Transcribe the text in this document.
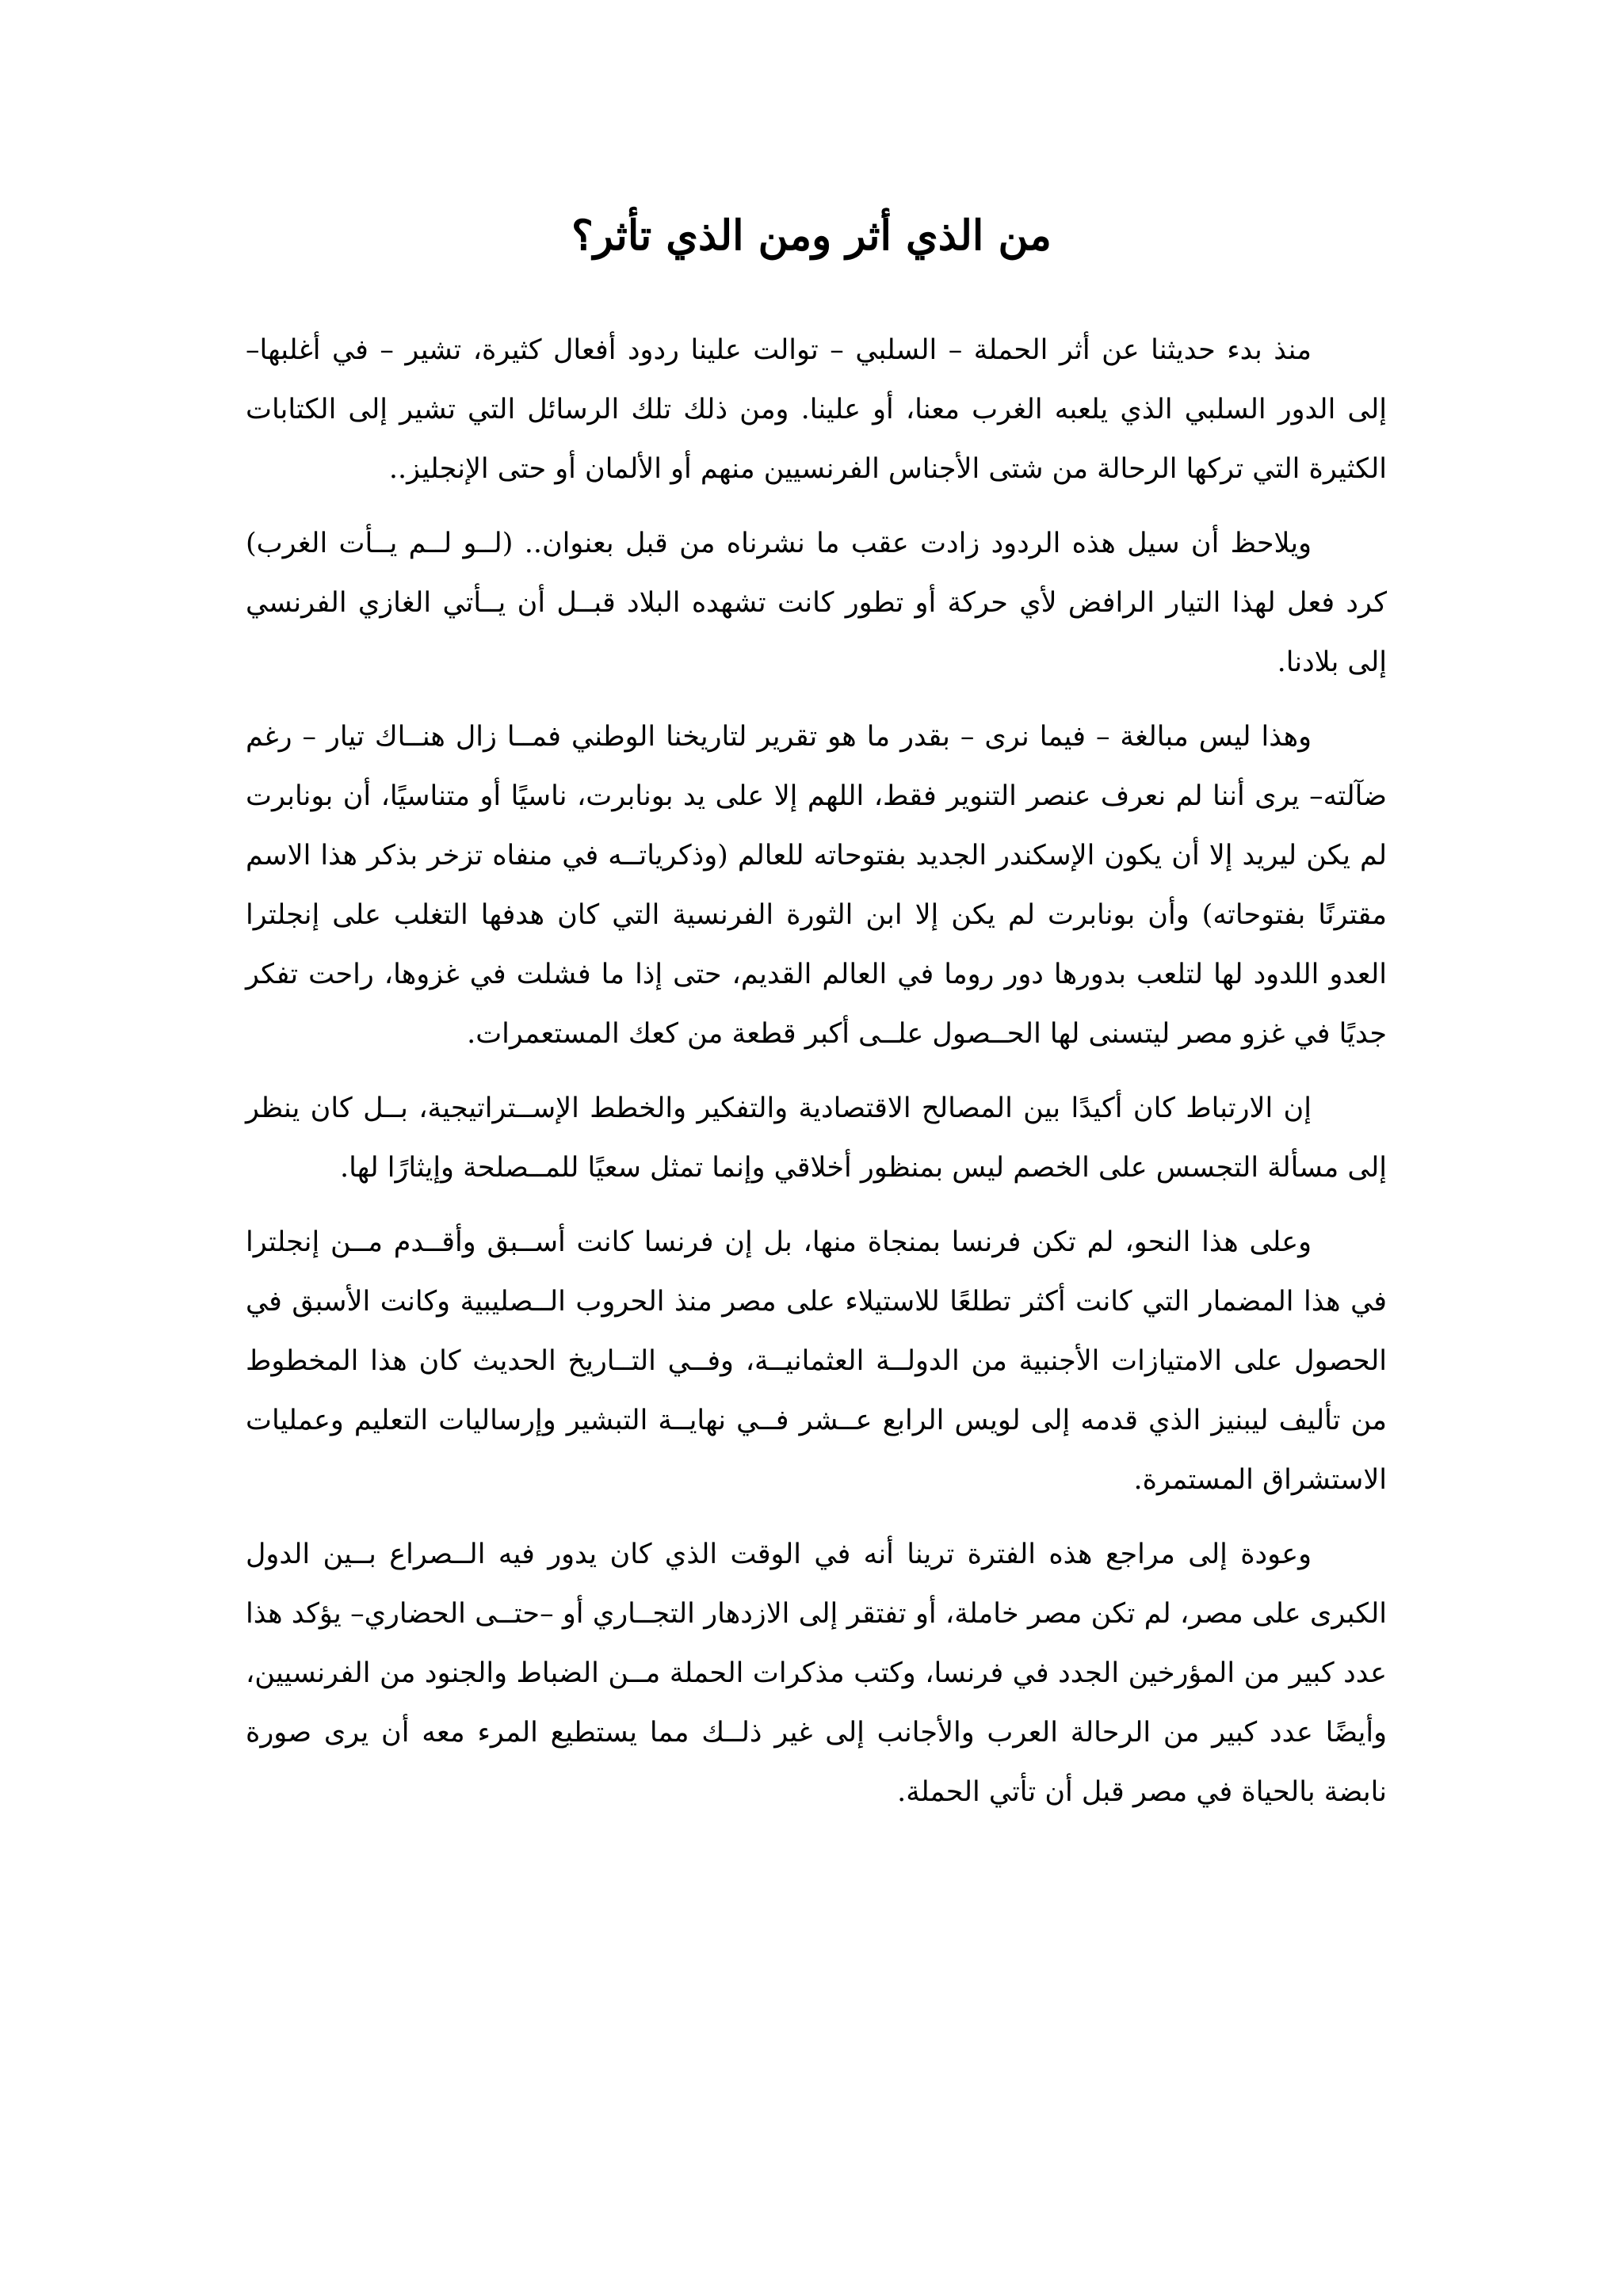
من الذي أثر ومن الذي تأثر؟

منذ بدء حديثنا عن أثر الحملة – السلبي – توالت علينا ردود أفعال كثيرة، تشير – في أغلبها– إلى الدور السلبي الذي يلعبه الغرب معنا، أو علينا. ومن ذلك تلك الرسائل التي تشير إلى الكتابات الكثيرة التي تركها الرحالة من شتى الأجناس الفرنسيين منهم أو الألمان أو حتى الإنجليز..

ويلاحظ أن سيل هذه الردود زادت عقب ما نشرناه من قبل بعنوان.. (لــو لــم يــأت الغرب) كرد فعل لهذا التيار الرافض لأي حركة أو تطور كانت تشهده البلاد قبــل أن يــأتي الغازي الفرنسي إلى بلادنا.

وهذا ليس مبالغة – فيما نرى – بقدر ما هو تقرير لتاريخنا الوطني فمــا زال هنــاك تيار – رغم ضآلته– يرى أننا لم نعرف عنصر التنوير فقط، اللهم إلا على يد بونابرت، ناسيًا أو متناسيًا، أن بونابرت لم يكن ليريد إلا أن يكون الإسكندر الجديد بفتوحاته للعالم (وذكرياتــه في منفاه تزخر بذكر هذا الاسم مقترنًا بفتوحاته) وأن بونابرت لم يكن إلا ابن الثورة الفرنسية التي كان هدفها التغلب على إنجلترا العدو اللدود لها لتلعب بدورها دور روما في العالم القديم، حتى إذا ما فشلت في غزوها، راحت تفكر جديًا في غزو مصر ليتسنى لها الحــصول علــى أكبر قطعة من كعك المستعمرات.

إن الارتباط كان أكيدًا بين المصالح الاقتصادية والتفكير والخطط الإســتراتيجية، بــل كان ينظر إلى مسألة التجسس على الخصم ليس بمنظور أخلاقي وإنما تمثل سعيًا للمــصلحة وإيثارًا لها.

وعلى هذا النحو، لم تكن فرنسا بمنجاة منها، بل إن فرنسا كانت أســبق وأقــدم مــن إنجلترا في هذا المضمار التي كانت أكثر تطلعًا للاستيلاء على مصر منذ الحروب الــصليبية وكانت الأسبق في الحصول على الامتيازات الأجنبية من الدولــة العثمانيــة، وفــي التــاريخ الحديث كان هذا المخطوط من تأليف ليبنيز الذي قدمه إلى لويس الرابع عــشر فــي نهايــة التبشير وإرساليات التعليم وعمليات الاستشراق المستمرة.

وعودة إلى مراجع هذه الفترة ترينا أنه في الوقت الذي كان يدور فيه الــصراع بــين الدول الكبرى على مصر، لم تكن مصر خاملة، أو تفتقر إلى الازدهار التجــاري أو –حتــى الحضاري– يؤكد هذا عدد كبير من المؤرخين الجدد في فرنسا، وكتب مذكرات الحملة مــن الضباط والجنود من الفرنسيين، وأيضًا عدد كبير من الرحالة العرب والأجانب إلى غير ذلــك مما يستطيع المرء معه أن يرى صورة نابضة بالحياة في مصر قبل أن تأتي الحملة.
